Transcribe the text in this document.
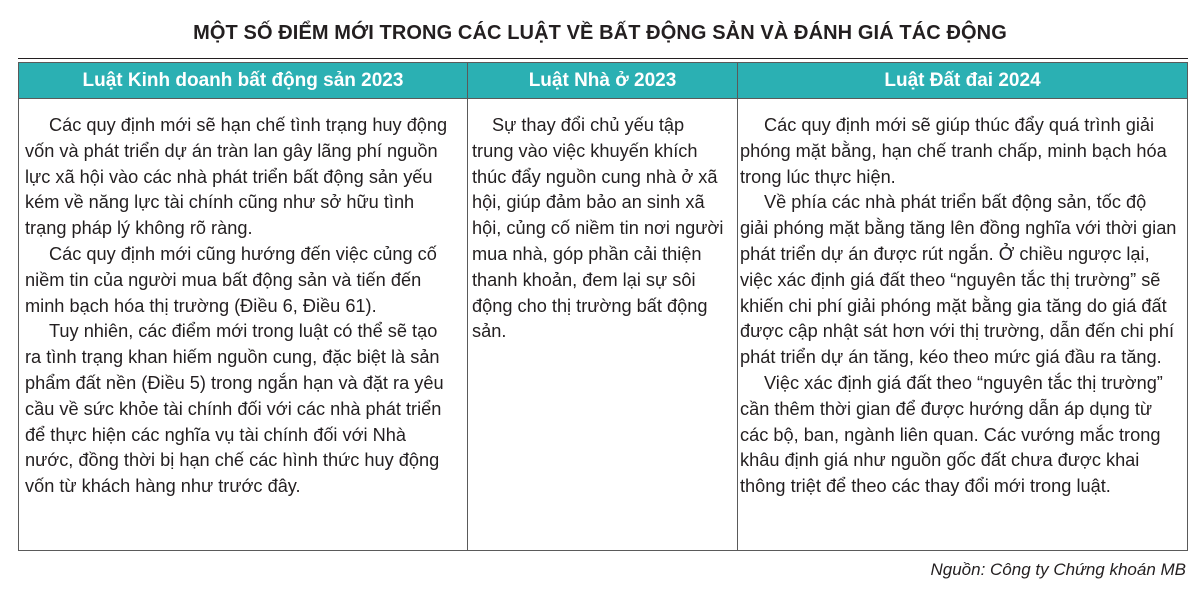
MỘT SỐ ĐIỂM MỚI TRONG CÁC LUẬT VỀ BẤT ĐỘNG SẢN VÀ ĐÁNH GIÁ TÁC ĐỘNG
Luật Kinh doanh bất động sản 2023

Các quy định mới sẽ hạn chế tình trạng huy động vốn và phát triển dự án tràn lan gây lãng phí nguồn lực xã hội vào các nhà phát triển bất động sản yếu kém về năng lực tài chính cũng như sở hữu tình trạng pháp lý không rõ ràng.

Các quy định mới cũng hướng đến việc củng cố niềm tin của người mua bất động sản và tiến đến minh bạch hóa thị trường (Điều 6, Điều 61).

Tuy nhiên, các điểm mới trong luật có thể sẽ tạo ra tình trạng khan hiếm nguồn cung, đặc biệt là sản phẩm đất nền (Điều 5) trong ngắn hạn và đặt ra yêu cầu về sức khỏe tài chính đối với các nhà phát triển để thực hiện các nghĩa vụ tài chính đối với Nhà nước, đồng thời bị hạn chế các hình thức huy động vốn từ khách hàng như trước đây.

Luật Nhà ở 2023

Sự thay đổi chủ yếu tập trung vào việc khuyến khích thúc đẩy nguồn cung nhà ở xã hội, giúp đảm bảo an sinh xã hội, củng cố niềm tin nơi người mua nhà, góp phần cải thiện thanh khoản, đem lại sự sôi động cho thị trường bất động sản.

Luật Đất đai 2024

Các quy định mới sẽ giúp thúc đẩy quá trình giải phóng mặt bằng, hạn chế tranh chấp, minh bạch hóa trong lúc thực hiện.

Về phía các nhà phát triển bất động sản, tốc độ giải phóng mặt bằng tăng lên đồng nghĩa với thời gian phát triển dự án được rút ngắn. Ở chiều ngược lại, việc xác định giá đất theo “nguyên tắc thị trường” sẽ khiến chi phí giải phóng mặt bằng gia tăng do giá đất được cập nhật sát hơn với thị trường, dẫn đến chi phí phát triển dự án tăng, kéo theo mức giá đầu ra tăng.

Việc xác định giá đất theo “nguyên tắc thị trường” cần thêm thời gian để được hướng dẫn áp dụng từ các bộ, ban, ngành liên quan. Các vướng mắc trong khâu định giá như nguồn gốc đất chưa được khai thông triệt để theo các thay đổi mới trong luật.

Nguồn: Công ty Chứng khoán MB
